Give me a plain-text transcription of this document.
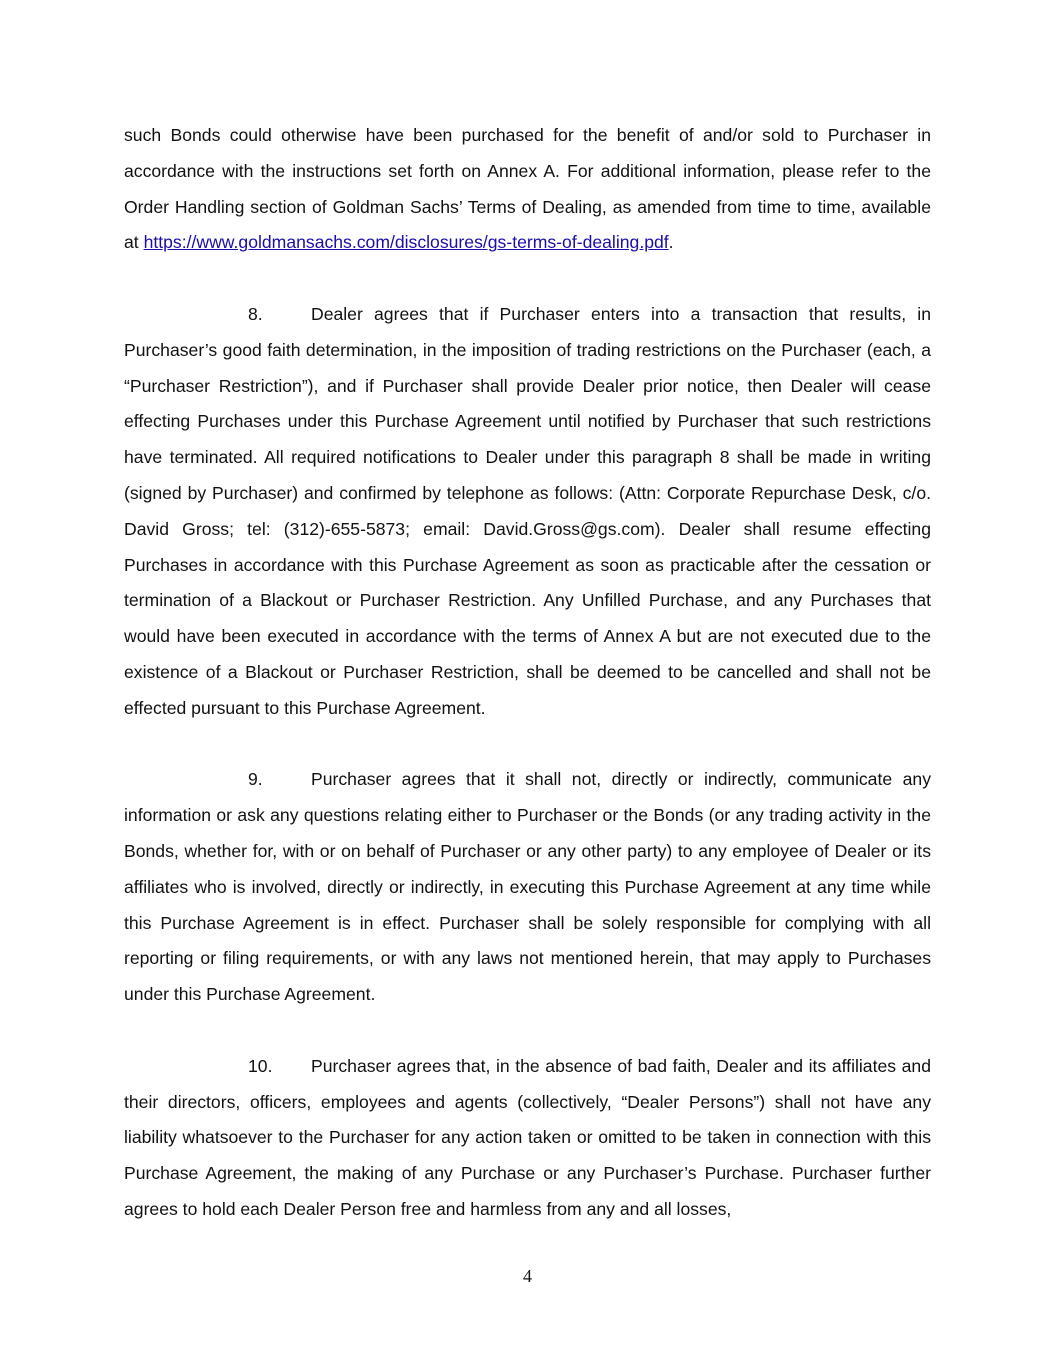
such Bonds could otherwise have been purchased for the benefit of and/or sold to Purchaser in accordance with the instructions set forth on Annex A. For additional information, please refer to the Order Handling section of Goldman Sachs’ Terms of Dealing, as amended from time to time, available at https://www.goldmansachs.com/disclosures/gs-terms-of-dealing.pdf.

8.	Dealer agrees that if Purchaser enters into a transaction that results, in Purchaser’s good faith determination, in the imposition of trading restrictions on the Purchaser (each, a “Purchaser Restriction”), and if Purchaser shall provide Dealer prior notice, then Dealer will cease effecting Purchases under this Purchase Agreement until notified by Purchaser that such restrictions have terminated. All required notifications to Dealer under this paragraph 8 shall be made in writing (signed by Purchaser) and confirmed by telephone as follows: (Attn: Corporate Repurchase Desk, c/o. David Gross; tel: (312)-655-5873; email: David.Gross@gs.com). Dealer shall resume effecting Purchases in accordance with this Purchase Agreement as soon as practicable after the cessation or termination of a Blackout or Purchaser Restriction. Any Unfilled Purchase, and any Purchases that would have been executed in accordance with the terms of Annex A but are not executed due to the existence of a Blackout or Purchaser Restriction, shall be deemed to be cancelled and shall not be effected pursuant to this Purchase Agreement.

9.	Purchaser agrees that it shall not, directly or indirectly, communicate any information or ask any questions relating either to Purchaser or the Bonds (or any trading activity in the Bonds, whether for, with or on behalf of Purchaser or any other party) to any employee of Dealer or its affiliates who is involved, directly or indirectly, in executing this Purchase Agreement at any time while this Purchase Agreement is in effect. Purchaser shall be solely responsible for complying with all reporting or filing requirements, or with any laws not mentioned herein, that may apply to Purchases under this Purchase Agreement.

10. Purchaser agrees that, in the absence of bad faith, Dealer and its affiliates and their directors, officers, employees and agents (collectively, “Dealer Persons”) shall not have any liability whatsoever to the Purchaser for any action taken or omitted to be taken in connection with this Purchase Agreement, the making of any Purchase or any Purchaser’s Purchase. Purchaser further agrees to hold each Dealer Person free and harmless from any and all losses,

4
